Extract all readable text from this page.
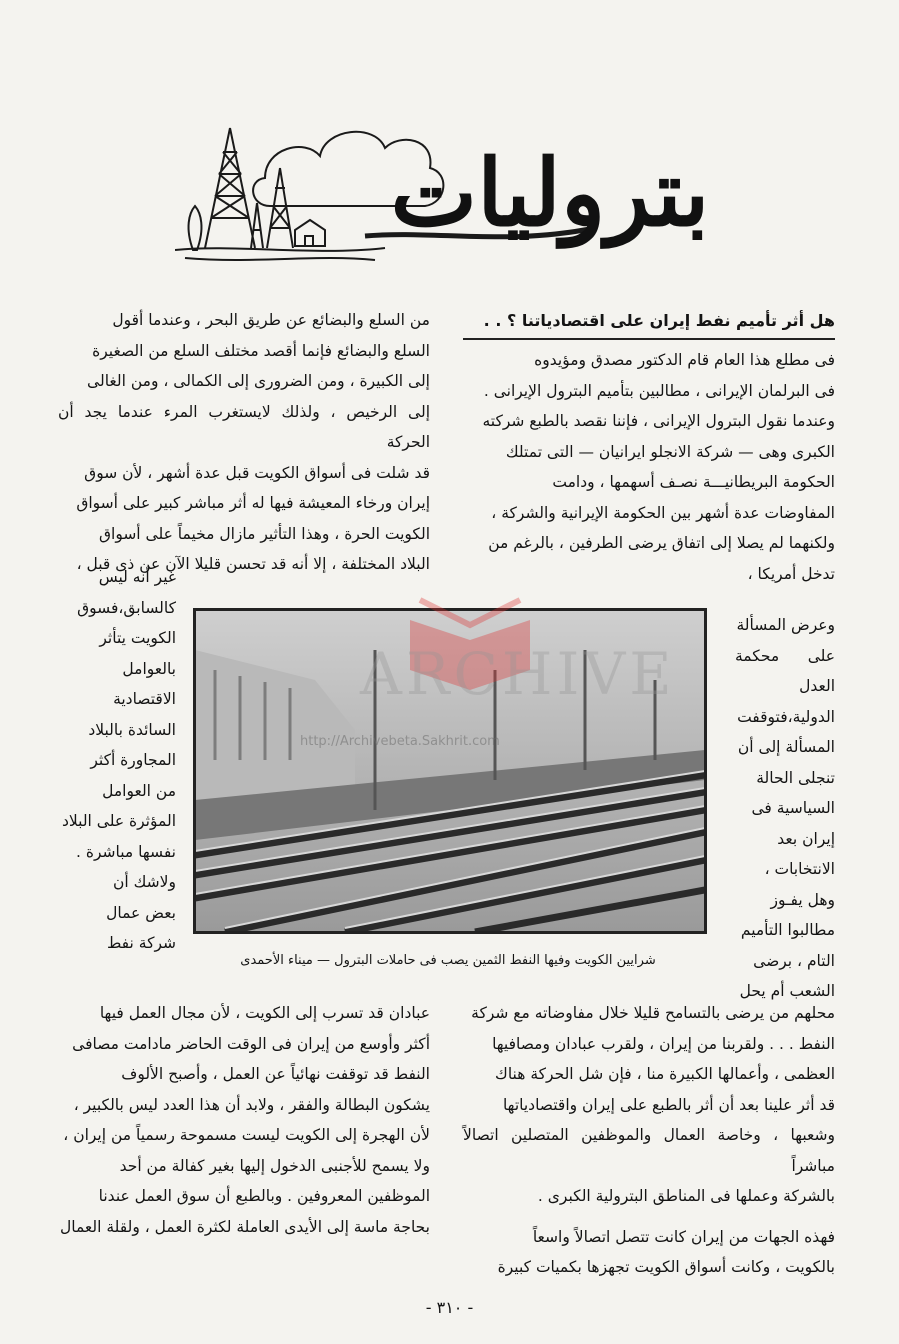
بترولیات
هل أثر تأميم نفط إيران على اقتصادياتنا ؟ . .

فى مطلع هذا العام قام الدكتور مصدق ومؤيدوه

فى البرلمان الإيرانى ، مطالبين بتأميم البترول الإيرانى .

وعندما نقول البترول الإيرانى ، فإننا نقصد بالطبع شركته

الكبرى وهى — شركة الانجلو ايرانيان — التى تمتلك

الحكومة البريطانيـــة نصـف أسهمها ، ودامت

المفاوضات عدة أشهر بين الحكومة الإيرانية والشركة ،

ولكنهما لم يصلا إلى اتفاق يرضى الطرفين ، بالرغم من

تدخل أمريكا ،

وعرض المسألة

على محكمة العدل

الدولية،فتوقفت

المسألة إلى أن

تنجلى الحالة

السياسية فى

إيران بعد

الانتخابات ،

وهل يفـوز

مطالبوا التأميم

التام ، برضى

الشعب أم يحل

محلهم من يرضى بالتسامح قليلا خلال مفاوضاته مع شركة

النفط . . . ولقربنا من إيران ، ولقرب عبادان ومصافيها

العظمى ، وأعمالها الكبيرة منا ، فإن شل الحركة هناك

قد أثر علينا بعد أن أثر بالطبع على إيران واقتصادياتها

وشعبها ، وخاصة العمال والموظفين المتصلين اتصالاً مباشراً

بالشركة وعملها فى المناطق البترولية الكبرى .

فهذه الجهات من إيران كانت تتصل اتصالاً واسعاً

بالكويت ، وكانت أسواق الكويت تجهزها بكميات كبيرة

من السلع والبضائع عن طريق البحر ، وعندما أقول

السلع والبضائع فإنما أقصد مختلف السلع من الصغيرة

إلى الكبيرة ، ومن الضرورى إلى الكمالى ، ومن الغالى

إلى الرخيص ، ولذلك لايستغرب المرء عندما يجد أن الحركة

قد شلت فى أسواق الكويت قبل عدة أشهر ، لأن سوق

إيران ورخاء المعيشة فيها له أثر مباشر كبير على أسواق

الكويت الحرة ، وهذا التأثير مازال مخيماً على أسواق

البلاد المختلفة ، إلا أنه قد تحسن قليلا الآن عن ذى قبل ،

غير أنه ليس

كالسابق،فسوق

الكويت يتأثر

بالعوامل

الاقتصادية

السائدة بالبلاد

المجاورة أكثر

من العوامل

المؤثرة على البلاد

نفسها مباشرة .

ولاشك أن

بعض عمال

شركة نفط

عبادان قد تسرب إلى الكويت ، لأن مجال العمل فيها

أكثر وأوسع من إيران فى الوقت الحاضر مادامت مصافى

النفط قد توقفت نهائياً عن العمل ، وأصبح الألوف

يشكون البطالة والفقر ، ولابد أن هذا العدد ليس بالكبير ،

لأن الهجرة إلى الكويت ليست مسموحة رسمياً من إيران ،

ولا يسمح للأجنبى الدخول إليها بغير كفالة من أحد

الموظفين المعروفين . وبالطبع أن سوق العمل عندنا

بحاجة ماسة إلى الأيدى العاملة لكثرة العمل ، ولقلة العمال

شرايين الكويت وفيها النفط الثمين يصب فى حاملات البترول — ميناء الأحمدى
ARCHIVE
http://Archivebeta.Sakhrit.com
- ٣١٠ -
